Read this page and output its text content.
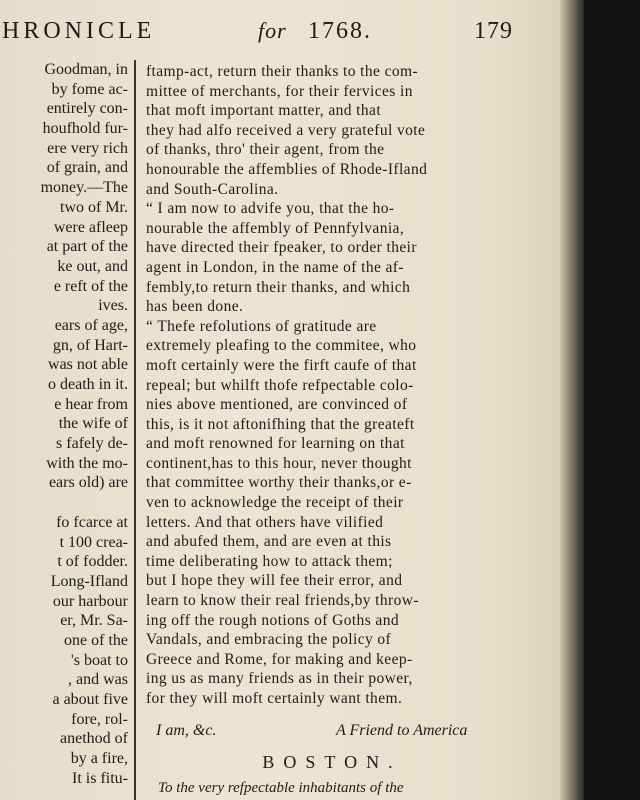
HRONICLE	for 1768.	179
Goodman, in
by fome ac-
entirely con-
houfhold fur-
ere very rich
of grain, and
money.—The
two of Mr.
were afleep
at part of the
ke out, and
e reft of the
ives.
ears of age,
gn, of Hart-
was not able
o death in it.
e hear from
the wife of
s fafely de-
with the mo-
ears old) are
fo fcarce at
t 100 crea-
t of fodder.
Long-Ifland
our harbour
er, Mr. Sa-
one of the
's boat to
, and was
a about five
fore, rol-
anethod of
by a fire,
It is fitu-
ftamp-act, return their thanks to the com-
mittee of merchants, for their fervices in
that moft important matter, and that
they had alfo received a very grateful vote
of thanks, thro' their agent, from the
honourable the affemblies of Rhode-Ifland
and South-Carolina.
“ I am now to advife you, that the ho-
nourable the affembly of Pennfylvania,
have directed their fpeaker, to order their
agent in London, in the name of the af-
fembly,to return their thanks, and which
has been done.
“ Thefe refolutions of gratitude are
extremely pleafing to the commitee, who
moft certainly were the firft caufe of that
repeal; but whilft thofe refpectable colo-
nies above mentioned, are convinced of
this, is it not aftonifhing that the greateft
and moft renowned for learning on that
continent,has to this hour, never thought
that committee worthy their thanks,or e-
ven to acknowledge the receipt of their
letters. And that others have vilified
and abufed them, and are even at this
time deliberating how to attack them;
but I hope they will fee their error, and
learn to know their real friends,by throw-
ing off the rough notions of Goths and
Vandals, and embracing the policy of
Greece and Rome, for making and keep-
ing us as many friends as in their power,
for they will moft certainly want them.
I am, &c.	A Friend to America
BOSTON.
To the very refpectable inhabitants of the
